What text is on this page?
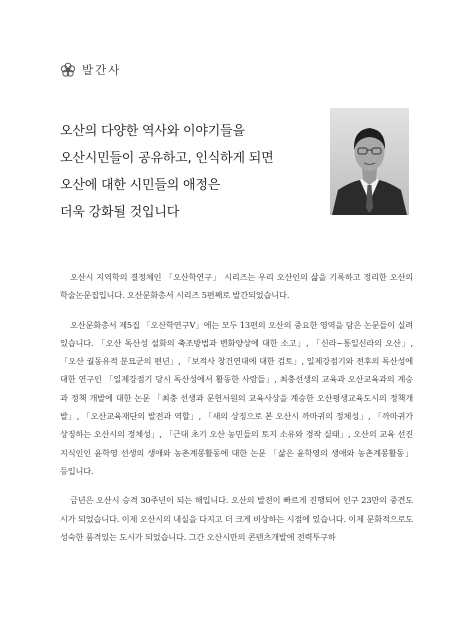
발간사
오산의 다양한 역사와 이야기들을
오산시민들이 공유하고, 인식하게 되면
오산에 대한 시민들의 애정은
더욱 강화될 것입니다

오산시 지역학의 결정체인 「오산학연구」 시리즈는 우리 오산인의 삶을 기록하고 정리한 오산의 학술논문집입니다. 오산문화총서 시리즈 5편째로 발간되었습니다.

오산문화총서 제5집 「오산학연구Ⅴ」에는 모두 13편의 오산의 중요한 영역을 담은 논문들이 실려있습니다. 「오산 독산성 설화의 축조방법과 변화양상에 대한 소고」, 「신라~통일신라의 오산」, 「오산 궐동유적 분묘군의 편년」, 「보적사 창건연대에 대한 검토」, 일제강점기와 전후의 독산성에 대한 연구인 「일제강점기 당시 독산성에서 활동한 사람들」, 최충선생의 교육과 오산교육과의 계승과 정책 개발에 대한 논문 「최충 선생과 문헌서원의 교육사상을 계승한 오산평생교육도시의 정책개발」, 「오산교육재단의 발전과 역할」, 「새의 상징으로 본 오산시 까마귀의 정체성」, 「까마귀가 상징하는 오산시의 정체성」, 「근대 초기 오산 농민들의 토지 소유와 경작 실태」, 오산의 교육 선진 지식인인 윤학영 선생의 생애와 농촌계몽활동에 대한 논문 「삶은 윤학영의 생애와 농촌계몽활동」 등입니다.

금년은 오산시 승격 30주년이 되는 해입니다. 오산의 발전이 빠르게 진행되어 인구 23만의 중견도시가 되었습니다. 이제 오산시의 내실을 다지고 더 크게 비상하는 시점에 있습니다. 이제 문화적으로도 성숙한 품격있는 도시가 되었습니다. 그간 오산시만의 콘텐츠개발에 전력투구하
